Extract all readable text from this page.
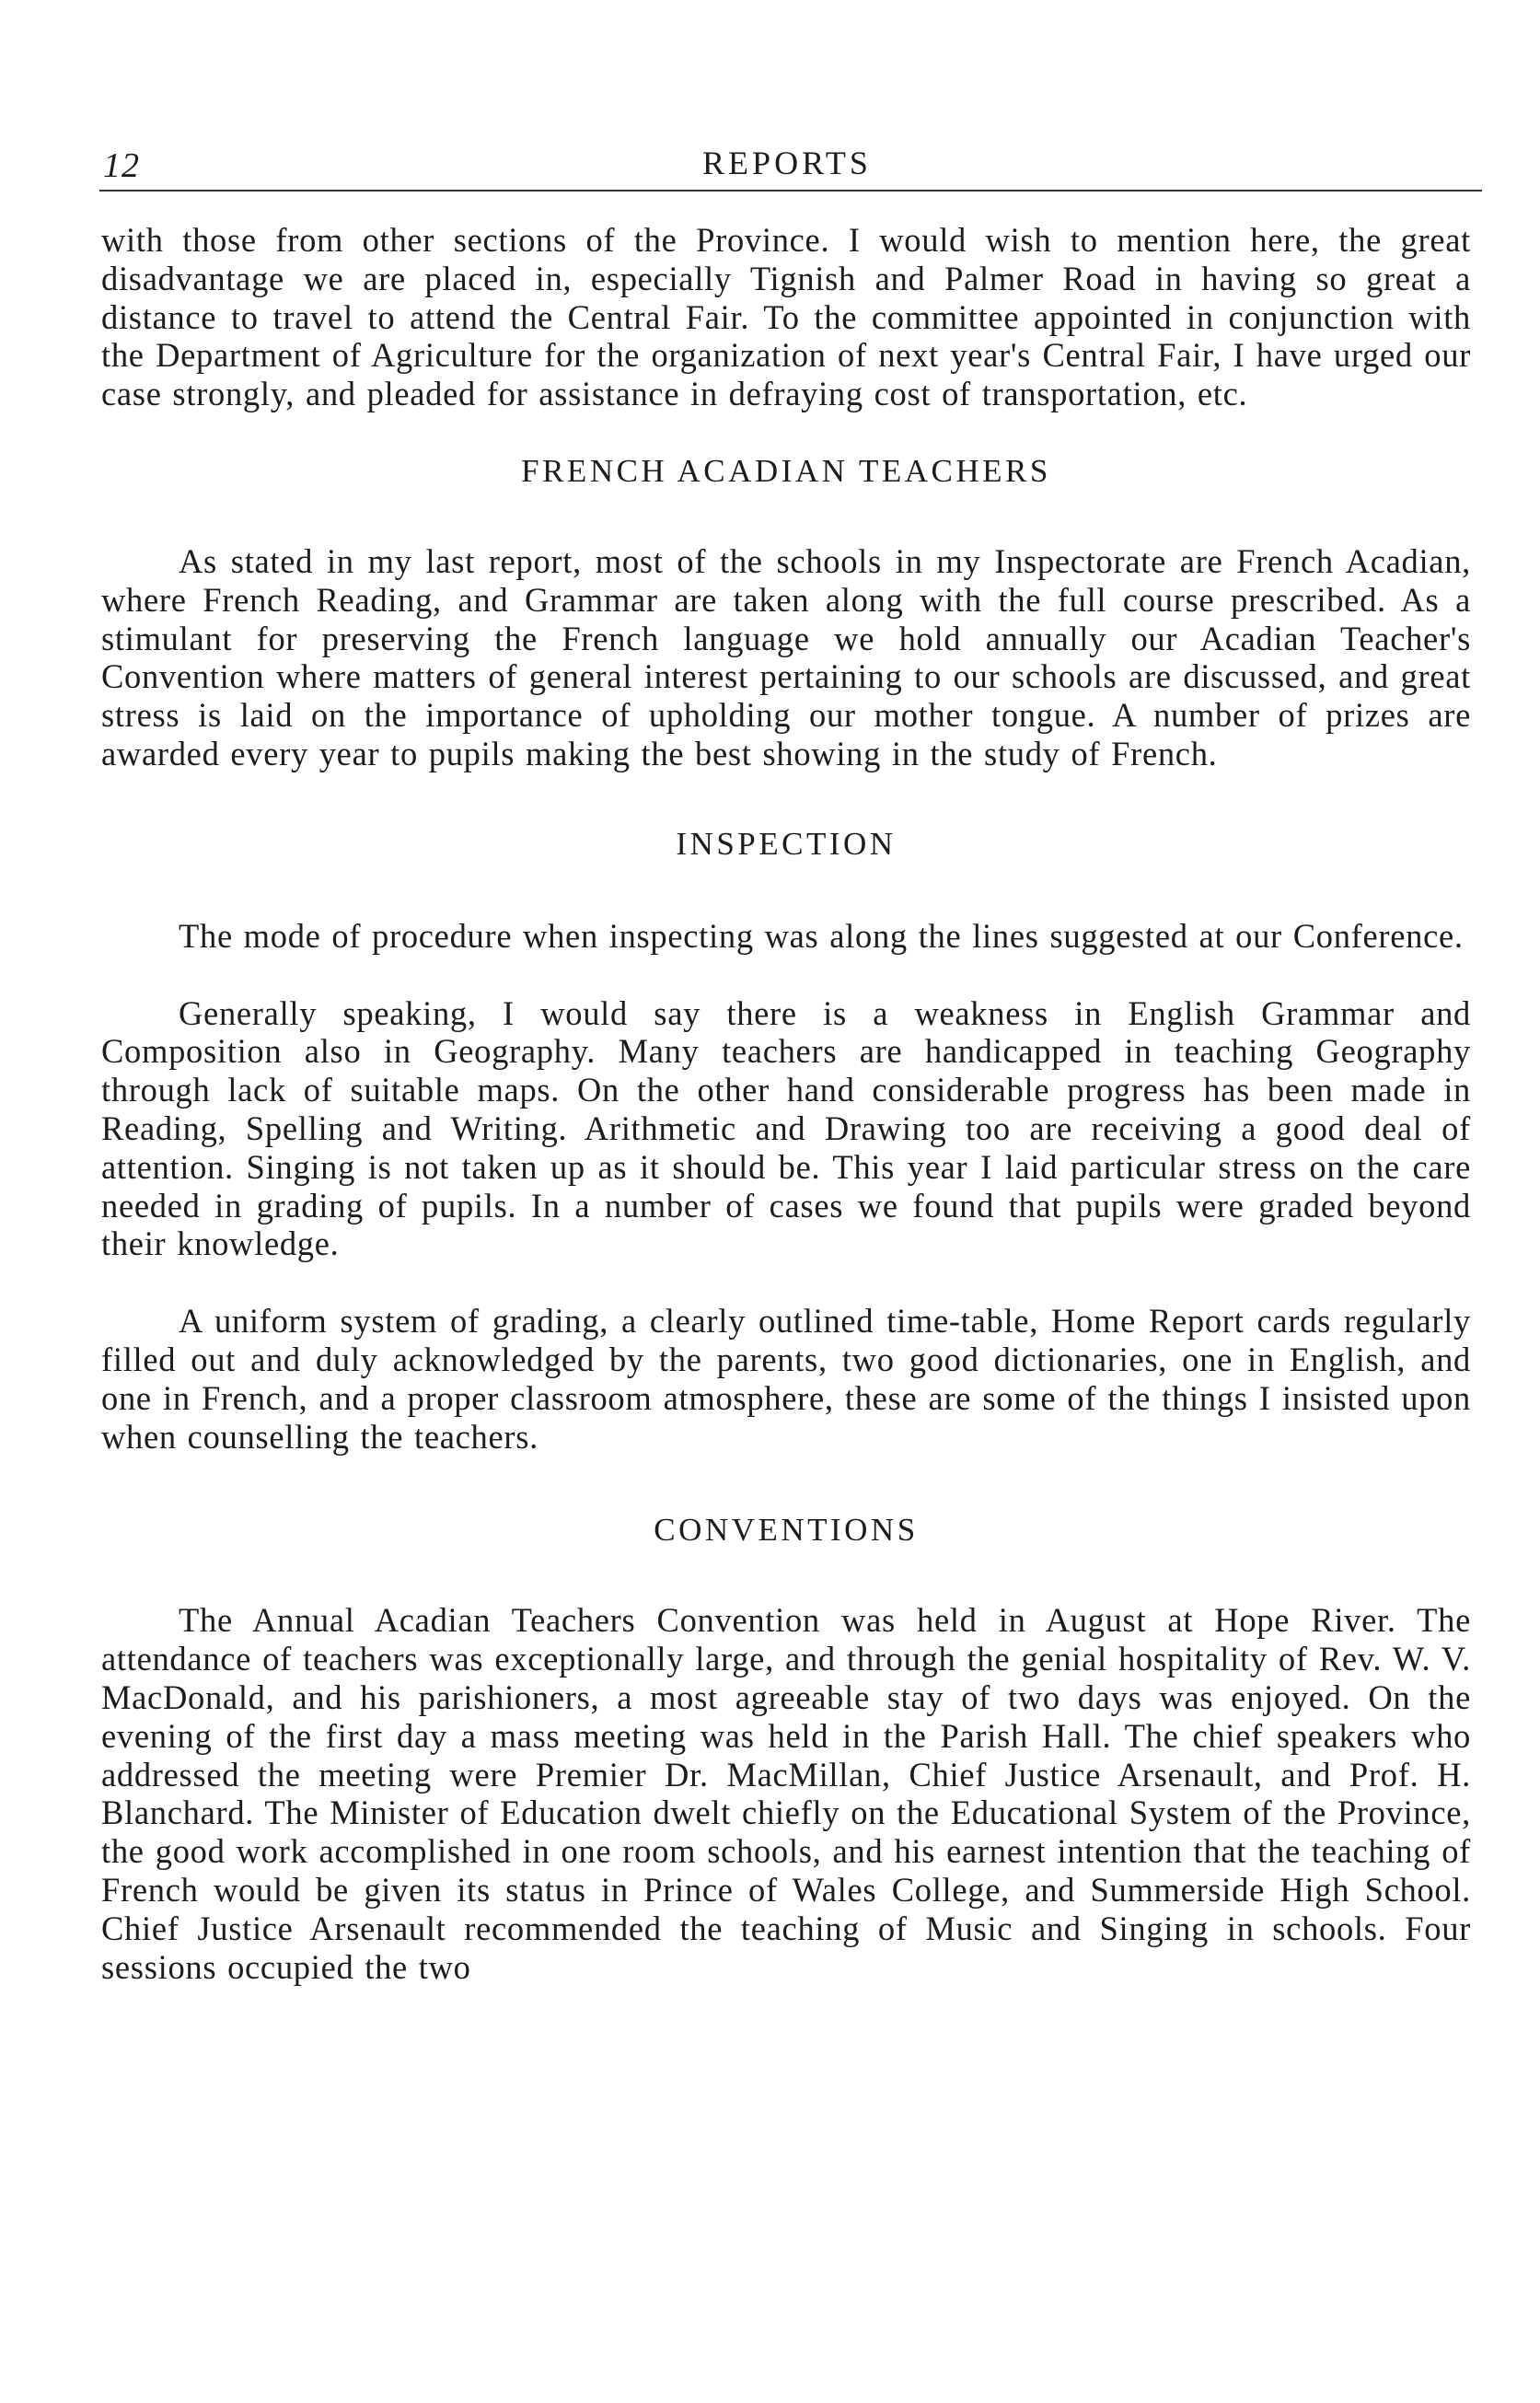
12	REPORTS

with those from other sections of the Province. I would wish to mention here, the great disadvantage we are placed in, especially Tignish and Palmer Road in having so great a distance to travel to attend the Central Fair. To the committee appointed in conjunction with the Department of Agriculture for the organization of next year's Central Fair, I have urged our case strongly, and pleaded for assistance in defraying cost of transportation, etc.

FRENCH ACADIAN TEACHERS

As stated in my last report, most of the schools in my Inspectorate are French Acadian, where French Reading, and Grammar are taken along with the full course prescribed. As a stimulant for preserving the French language we hold annually our Acadian Teacher's Convention where matters of general interest pertaining to our schools are discussed, and great stress is laid on the importance of upholding our mother tongue. A number of prizes are awarded every year to pupils making the best showing in the study of French.

INSPECTION

The mode of procedure when inspecting was along the lines suggested at our Conference.

Generally speaking, I would say there is a weakness in English Grammar and Composition also in Geography. Many teachers are handicapped in teaching Geography through lack of suitable maps. On the other hand considerable progress has been made in Reading, Spelling and Writing. Arithmetic and Drawing too are receiving a good deal of attention. Singing is not taken up as it should be. This year I laid particular stress on the care needed in grading of pupils. In a number of cases we found that pupils were graded beyond their knowledge.

A uniform system of grading, a clearly outlined time-table, Home Report cards regularly filled out and duly acknowledged by the parents, two good dictionaries, one in English, and one in French, and a proper classroom atmosphere, these are some of the things I insisted upon when counselling the teachers.

CONVENTIONS

The Annual Acadian Teachers Convention was held in August at Hope River. The attendance of teachers was exceptionally large, and through the genial hospitality of Rev. W. V. MacDonald, and his parishioners, a most agreeable stay of two days was enjoyed. On the evening of the first day a mass meeting was held in the Parish Hall. The chief speakers who addressed the meeting were Premier Dr. MacMillan, Chief Justice Arsenault, and Prof. H. Blanchard. The Minister of Education dwelt chiefly on the Educational System of the Province, the good work accomplished in one room schools, and his earnest intention that the teaching of French would be given its status in Prince of Wales College, and Summerside High School. Chief Justice Arsenault recommended the teaching of Music and Singing in schools. Four sessions occupied the two
